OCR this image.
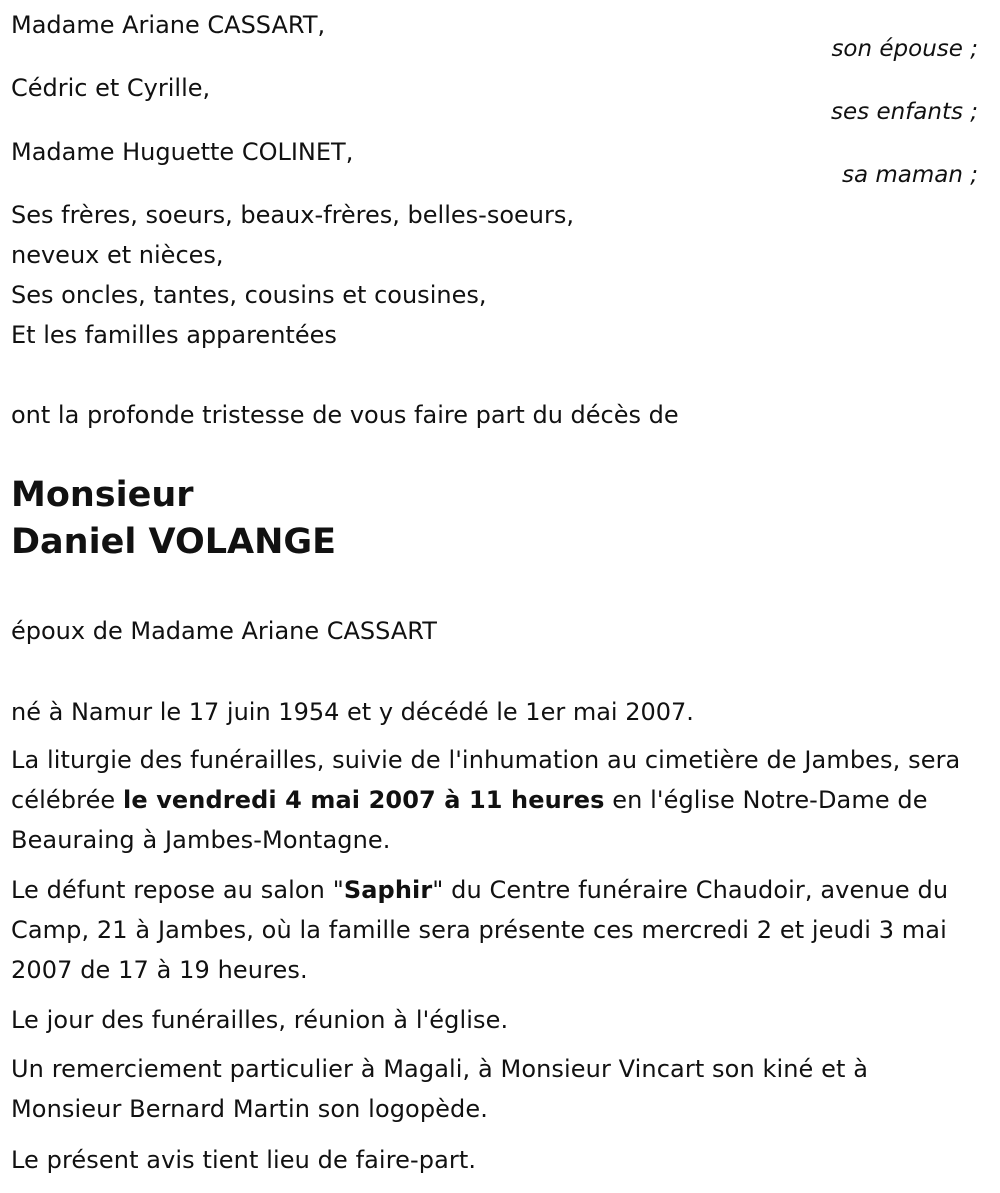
Madame Ariane CASSART,
son épouse ;
Cédric et Cyrille,
ses enfants ;
Madame Huguette COLINET,
sa maman ;
Ses frères, soeurs, beaux-frères, belles-soeurs,
neveux et nièces,
Ses oncles, tantes, cousins et cousines,
Et les familles apparentées
ont la profonde tristesse de vous faire part du décès de
Monsieur
Daniel VOLANGE
époux de Madame Ariane CASSART
né à Namur le 17 juin 1954 et y décédé le 1er mai 2007.
La liturgie des funérailles, suivie de l'inhumation au cimetière de Jambes, sera célébrée le vendredi 4 mai 2007 à 11 heures en l'église Notre-Dame de Beauraing à Jambes-Montagne.
Le défunt repose au salon "Saphir" du Centre funéraire Chaudoir, avenue du Camp, 21 à Jambes, où la famille sera présente ces mercredi 2 et jeudi 3 mai 2007 de 17 à 19 heures.
Le jour des funérailles, réunion à l'église.
Un remerciement particulier à Magali, à Monsieur Vincart son kiné et à Monsieur Bernard Martin son logopède.
Le présent avis tient lieu de faire-part.
